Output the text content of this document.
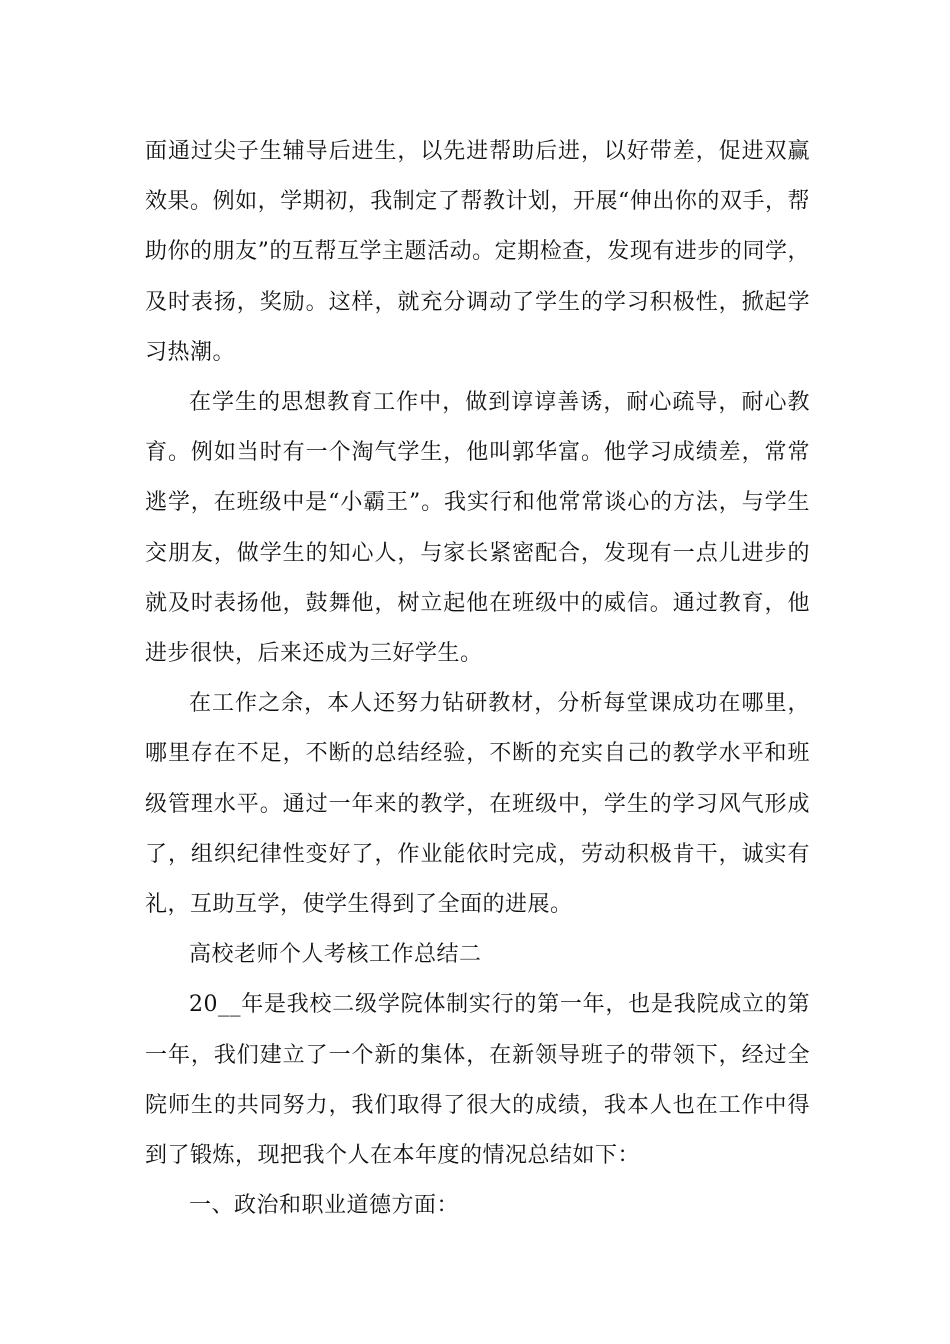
面通过尖子生辅导后进生，以先进帮助后进，以好带差，促进双赢效果。例如，学期初，我制定了帮教计划，开展“伸出你的双手，帮助你的朋友”的互帮互学主题活动。定期检查，发现有进步的同学，及时表扬，奖励。这样，就充分调动了学生的学习积极性，掀起学习热潮。

在学生的思想教育工作中，做到谆谆善诱，耐心疏导，耐心教育。例如当时有一个淘气学生，他叫郭华富。他学习成绩差，常常逃学，在班级中是“小霸王”。我实行和他常常谈心的方法，与学生交朋友，做学生的知心人，与家长紧密配合，发现有一点儿进步的就及时表扬他，鼓舞他，树立起他在班级中的威信。通过教育，他进步很快，后来还成为三好学生。

在工作之余，本人还努力钻研教材，分析每堂课成功在哪里，哪里存在不足，不断的总结经验，不断的充实自己的教学水平和班级管理水平。通过一年来的教学，在班级中，学生的学习风气形成了，组织纪律性变好了，作业能依时完成，劳动积极肯干，诚实有礼，互助互学，使学生得到了全面的进展。

高校老师个人考核工作总结二

20__年是我校二级学院体制实行的第一年，也是我院成立的第一年，我们建立了一个新的集体，在新领导班子的带领下，经过全院师生的共同努力，我们取得了很大的成绩，我本人也在工作中得到了锻炼，现把我个人在本年度的情况总结如下：

一、政治和职业道德方面：
